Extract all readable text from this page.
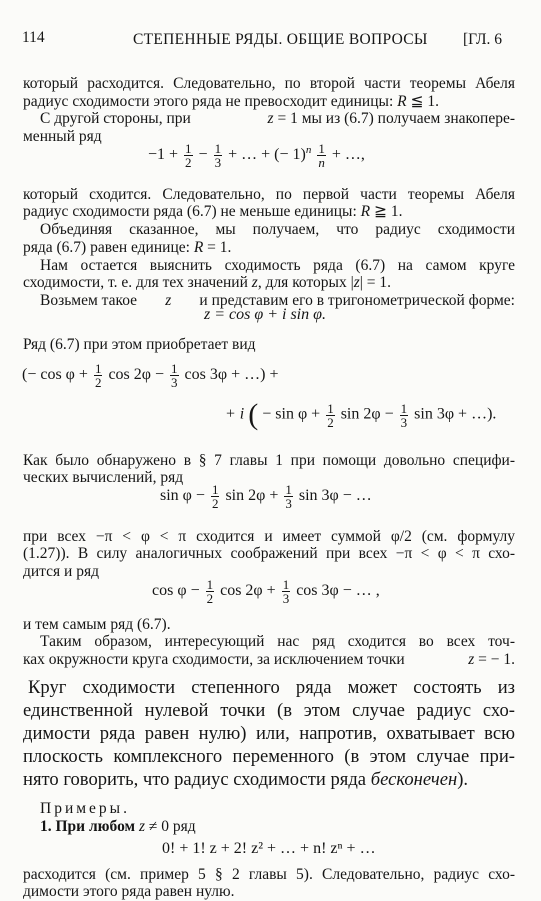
114	СТЕПЕННЫЕ РЯДЫ. ОБЩИЕ ВОПРОСЫ [ГЛ. 6
который расходится. Следовательно, по второй части теоремы Абеля
радиус сходимости этого ряда не превосходит единицы: R ≦ 1.
С другой стороны, при	z = 1 мы из (6.7) получаем знакопере-
менный ряд
$-1 + \frac{1}{2} - \frac{1}{3}$ + … + (− $1)^n \frac{1}{n}$ + …,
который сходится. Следовательно, по первой части теоремы Абеля
радиус сходимости ряда (6.7) не меньше единицы: R ≧ 1.
Объединяя сказанное, мы получаем, что радиус сходимости
ряда (6.7) равен единице: R = 1.
Нам остается выяснить сходимость ряда (6.7) на самом круге
сходимости, т. е. для тех значений z, для которых |z| = 1.
Возьмем такое z и представим его в тригонометрической форме:
z = cos φ + i sin φ.
Ряд (6.7) при этом приобретает вид
(− $\cos \varphi + \frac{1}{2}$ $\cos 2\varphi - \frac{1}{3}$ cos 3φ + …) +
+ i ( − $\sin \varphi + \frac{1}{2}$ $\sin 2\varphi - \frac{1}{3}$ sin 3φ + …).
Как было обнаружено в § 7 главы 1 при помощи довольно специфи-
ческих вычислений, ряд
$\sin \varphi - \frac{1}{2}$ $\sin 2\varphi + \frac{1}{3}$ sin 3φ − …
при всех −π < φ < π сходится и имеет суммой φ/2 (см. формулу
(1.27)). В силу аналогичных соображений при всех −π < φ < π схо-
дится и ряд
$\cos \varphi - \frac{1}{2}$ $\cos 2\varphi + \frac{1}{3}$ cos 3φ − … ,
и тем самым ряд (6.7).
Таким образом, интересующий нас ряд сходится во всех точ-
ках окружности круга сходимости, за исключением точки	z = − 1.
Круг сходимости степенного ряда может состоять из
единственной нулевой точки (в этом случае радиус схо-
димости ряда равен нулю) или, напротив, охватывает всю
плоскость комплексного переменного (в этом случае при-
нято говорить, что радиус сходимости ряда бесконечен).
Примеры.
1. При любом z ≠ 0 ряд
0! + 1! z + 2! z² + … + n! zⁿ + …
расходится (см. пример 5 § 2 главы 5). Следовательно, радиус схо-
димости этого ряда равен нулю.
